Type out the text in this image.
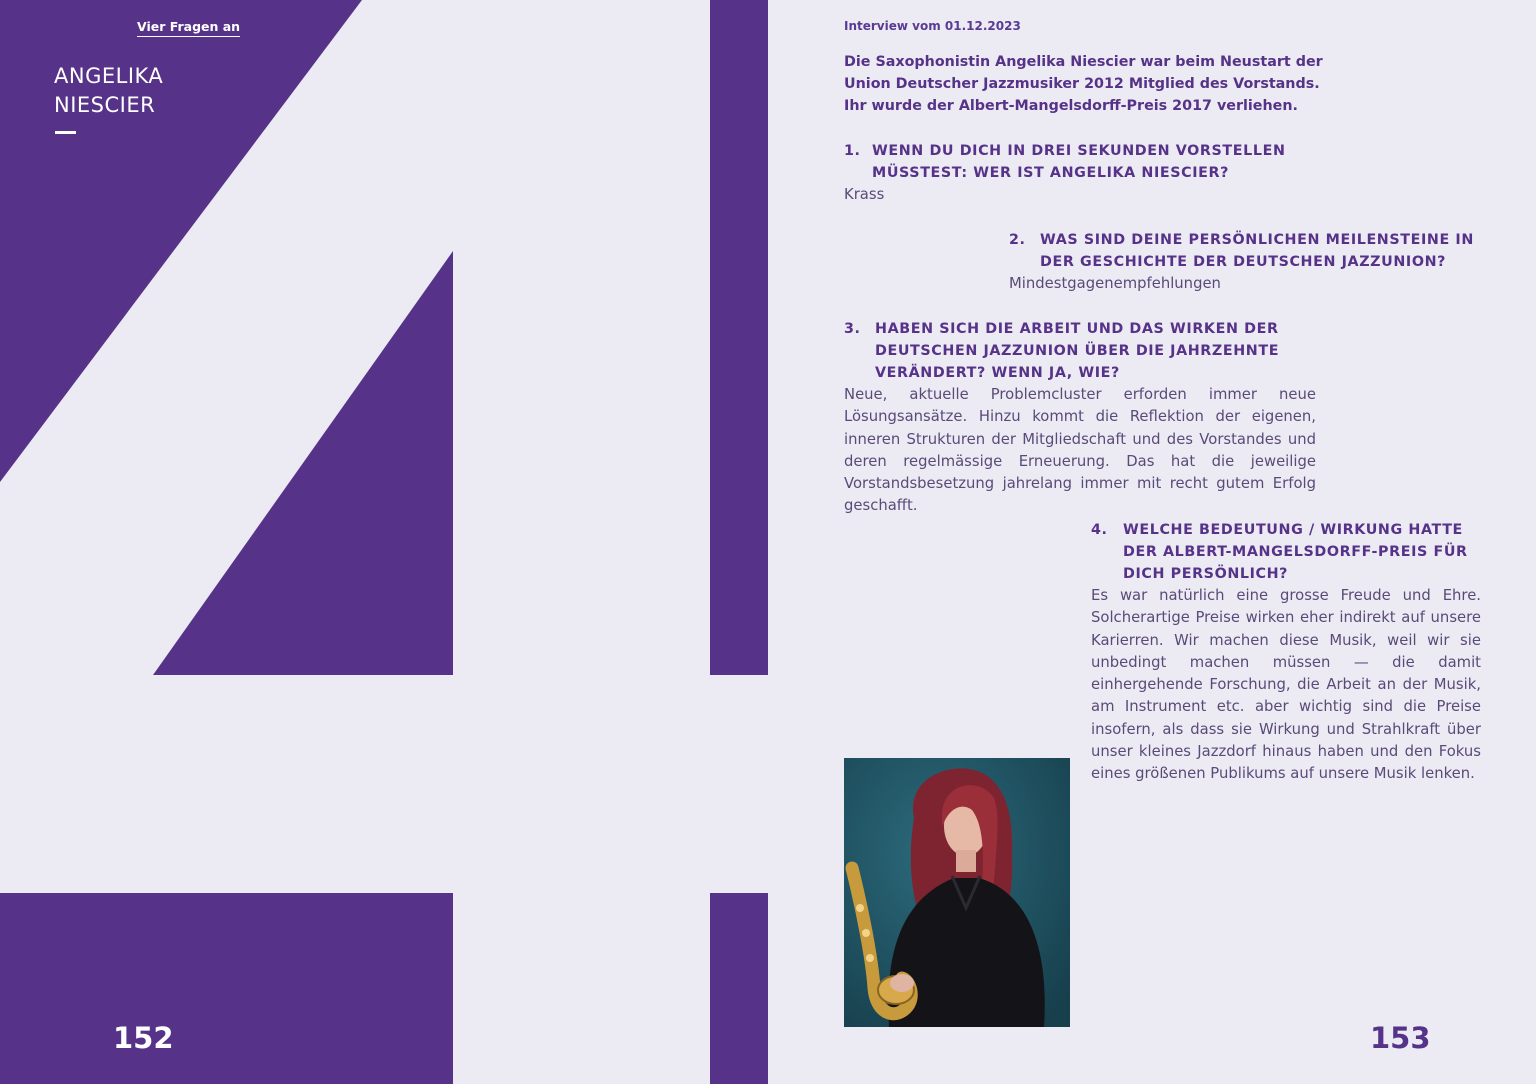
Vier Fragen an
ANGELIKA
NIESCIER
152
Interview vom 01.12.2023
Die Saxophonistin Angelika Niescier war beim Neustart der
Union Deutscher Jazzmusiker 2012 Mitglied des Vorstands.
Ihr wurde der Albert-Mangelsdorff-Preis 2017 verliehen.
1. WENN DU DICH IN DREI SEKUNDEN VORSTELLEN MÜSSTEST: WER IST ANGELIKA NIESCIER?
Krass
2.	WAS SIND DEINE PERSÖNLICHEN MEILENSTEINE IN DER GESCHICHTE DER DEUTSCHEN JAZZUNION?
Mindestgagenempfehlungen
3.	HABEN SICH DIE ARBEIT UND DAS WIRKEN DER DEUTSCHEN JAZZUNION ÜBER DIE JAHRZEHNTE VERÄNDERT? WENN JA, WIE?
Neue, aktuelle Problemcluster erforden immer neue Lösungsansätze. Hinzu kommt die Reflektion der eigenen, inneren Strukturen der Mitgliedschaft und des Vorstandes und deren regelmässige Erneuerung. Das hat die jeweilige Vorstandsbesetzung jahrelang immer mit recht gutem Erfolg geschafft.
4.	WELCHE BEDEUTUNG / WIRKUNG HATTE DER ALBERT-MANGELSDORFF-PREIS FÜR DICH PERSÖNLICH?
Es war natürlich eine grosse Freude und Ehre. Solcherartige Preise wirken eher indirekt auf unsere Karierren. Wir machen diese Musik, weil wir sie unbedingt machen müssen — die damit einhergehende Forschung, die Arbeit an der Musik, am Instrument etc. aber wichtig sind die Preise insofern, als dass sie Wirkung und Strahlkraft über unser kleines Jazzdorf hinaus haben und den Fokus eines größenen Publikums auf unsere Musik lenken.
153
